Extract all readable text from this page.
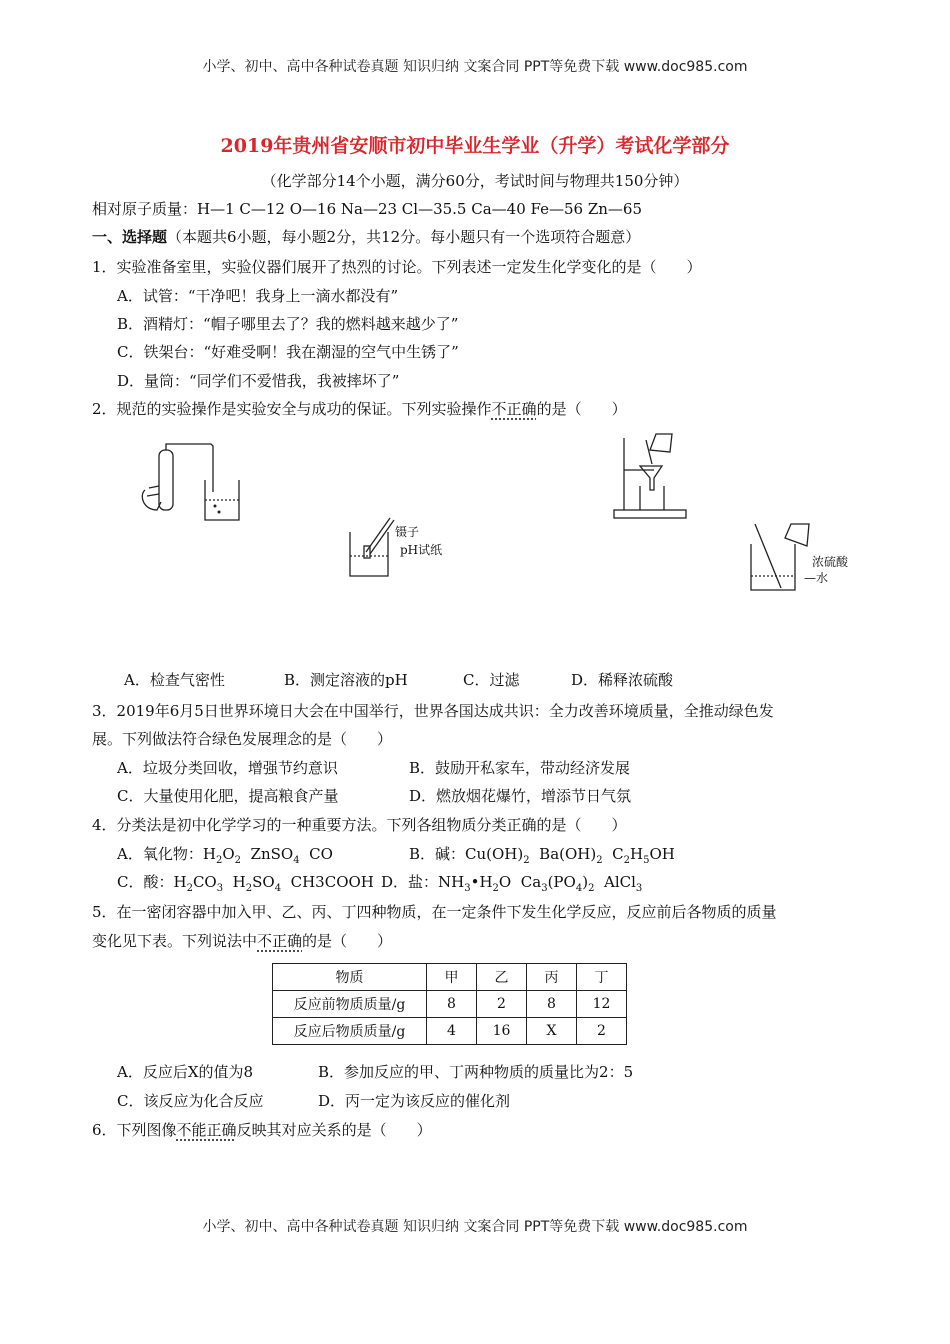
小学、初中、高中各种试卷真题 知识归纳 文案合同 PPT等免费下载 www.doc985.com
2019年贵州省安顺市初中毕业生学业（升学）考试化学部分
（化学部分14个小题，满分60分，考试时间与物理共150分钟）
相对原子质量：H—1 C—12 O—16 Na—23 Cl—35.5 Ca—40 Fe—56 Zn—65
一、选择题（本题共6小题，每小题2分，共12分。每小题只有一个选项符合题意）
1．实验准备室里，实验仪器们展开了热烈的讨论。下列表述一定发生化学变化的是（　　）
A．试管：“干净吧！我身上一滴水都没有”
B．酒精灯：“帽子哪里去了？我的燃料越来越少了”
C．铁架台：“好难受啊！我在潮湿的空气中生锈了”
D．量筒：“同学们不爱惜我，我被摔坏了”
2．规范的实验操作是实验安全与成功的保证。下列实验操作不正确的是（　　）
镊子
pH试纸
浓硫酸
—水
A．检查气密性	B．测定溶液的pH	C．过滤	D．稀释浓硫酸
3．2019年6月5日世界环境日大会在中国举行，世界各国达成共识：全力改善环境质量，全推动绿色发
展。下列做法符合绿色发展理念的是（　　）
A．垃圾分类回收，增强节约意识	B．鼓励开私家车，带动经济发展
C．大量使用化肥，提高粮食产量	D．燃放烟花爆竹，增添节日气氛
4．分类法是初中化学学习的一种重要方法。下列各组物质分类正确的是（　　）
A．氧化物：$H_2O_2$ ZnSO$_4$ CO	B．碱：$Cu(OH)_2$ $Ba(OH)_2$ $C_2H_5OH$
C．酸：$H_2CO_3$ $H_2SO_4$ CH3COOH D．盐：$NH_3•H_2O$ $Ca_3(PO_4)_2$ AlCl$_3$
5．在一密闭容器中加入甲、乙、丙、丁四种物质，在一定条件下发生化学反应，反应前后各物质的质量
变化见下表。下列说法中不正确的是（　　）
物质	甲	乙	丙	丁
反应前物质质量/g	8	2	8	12
反应后物质质量/g	4	16	X	2
A．反应后X的值为8	B．参加反应的甲、丁两种物质的质量比为2：5
C．该反应为化合反应	D．丙一定为该反应的催化剂
6．下列图像不能正确反映其对应关系的是（　　）
小学、初中、高中各种试卷真题 知识归纳 文案合同 PPT等免费下载 www.doc985.com
